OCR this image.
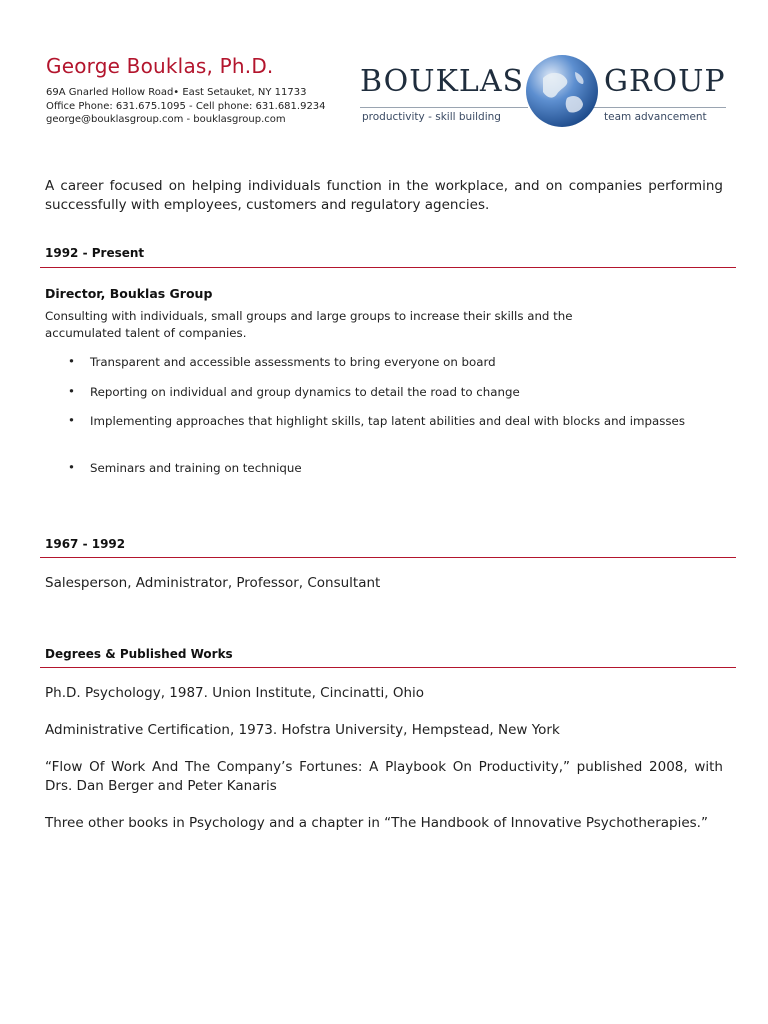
George Bouklas, Ph.D.
69A Gnarled Hollow Road• East Setauket, NY 11733
Office Phone: 631.675.1095 - Cell phone: 631.681.9234
george@bouklasgroup.com - bouklasgroup.com
BOUKLAS	GROUP
productivity - skill building	team advancement
A career focused on helping individuals function in the workplace, and on companies performing successfully with employees, customers and regulatory agencies.
1992 - Present
Director, Bouklas Group
Consulting with individuals, small groups and large groups to increase their skills and the accumulated talent of companies.
• Transparent and accessible assessments to bring everyone on board
• Reporting on individual and group dynamics to detail the road to change
• Implementing approaches that highlight skills, tap latent abilities and deal with blocks and impasses
• Seminars and training on technique
1967 - 1992
Salesperson, Administrator, Professor, Consultant
Degrees & Published Works
Ph.D. Psychology, 1987. Union Institute, Cincinatti, Ohio
Administrative Certification, 1973. Hofstra University, Hempstead, New York
“Flow Of Work And The Company’s Fortunes: A Playbook On Productivity,” published 2008, with Drs. Dan Berger and Peter Kanaris
Three other books in Psychology and a chapter in “The Handbook of Innovative Psychotherapies.”
